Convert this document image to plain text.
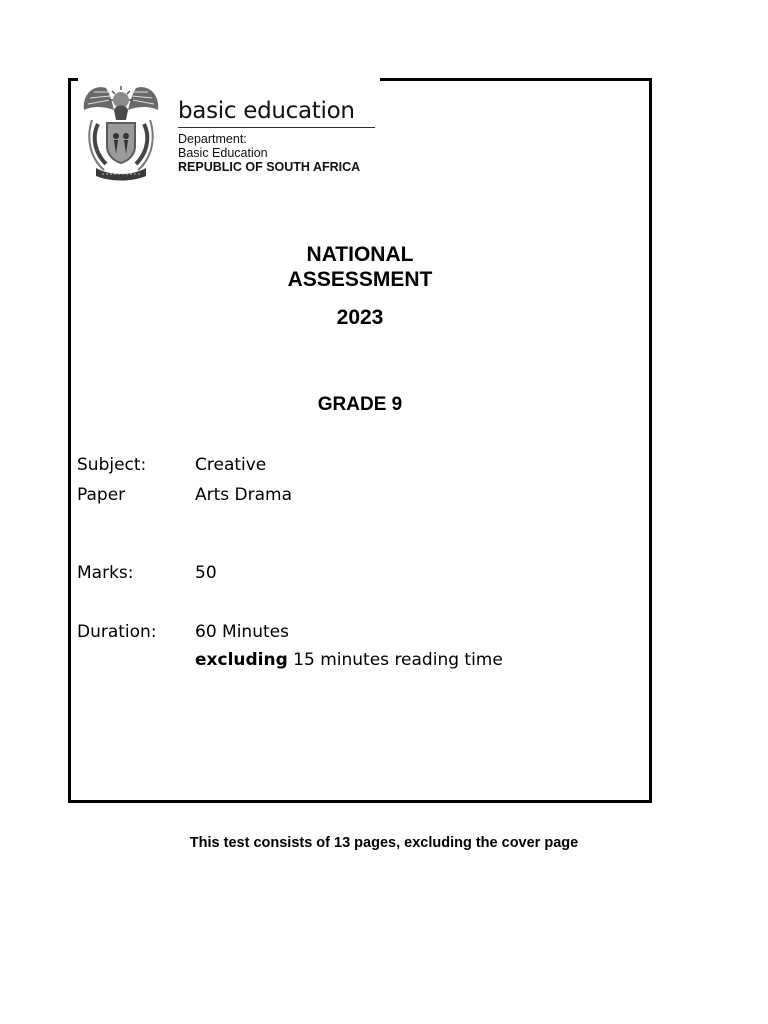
basic education
Department:
Basic Education
REPUBLIC OF SOUTH AFRICA
NATIONAL
ASSESSMENT
2023
GRADE 9
Subject: Paper
Creative Arts Drama
Marks:	50
Duration: 60 Minutes
excluding 15 minutes reading time
This test consists of 13 pages, excluding the cover page
